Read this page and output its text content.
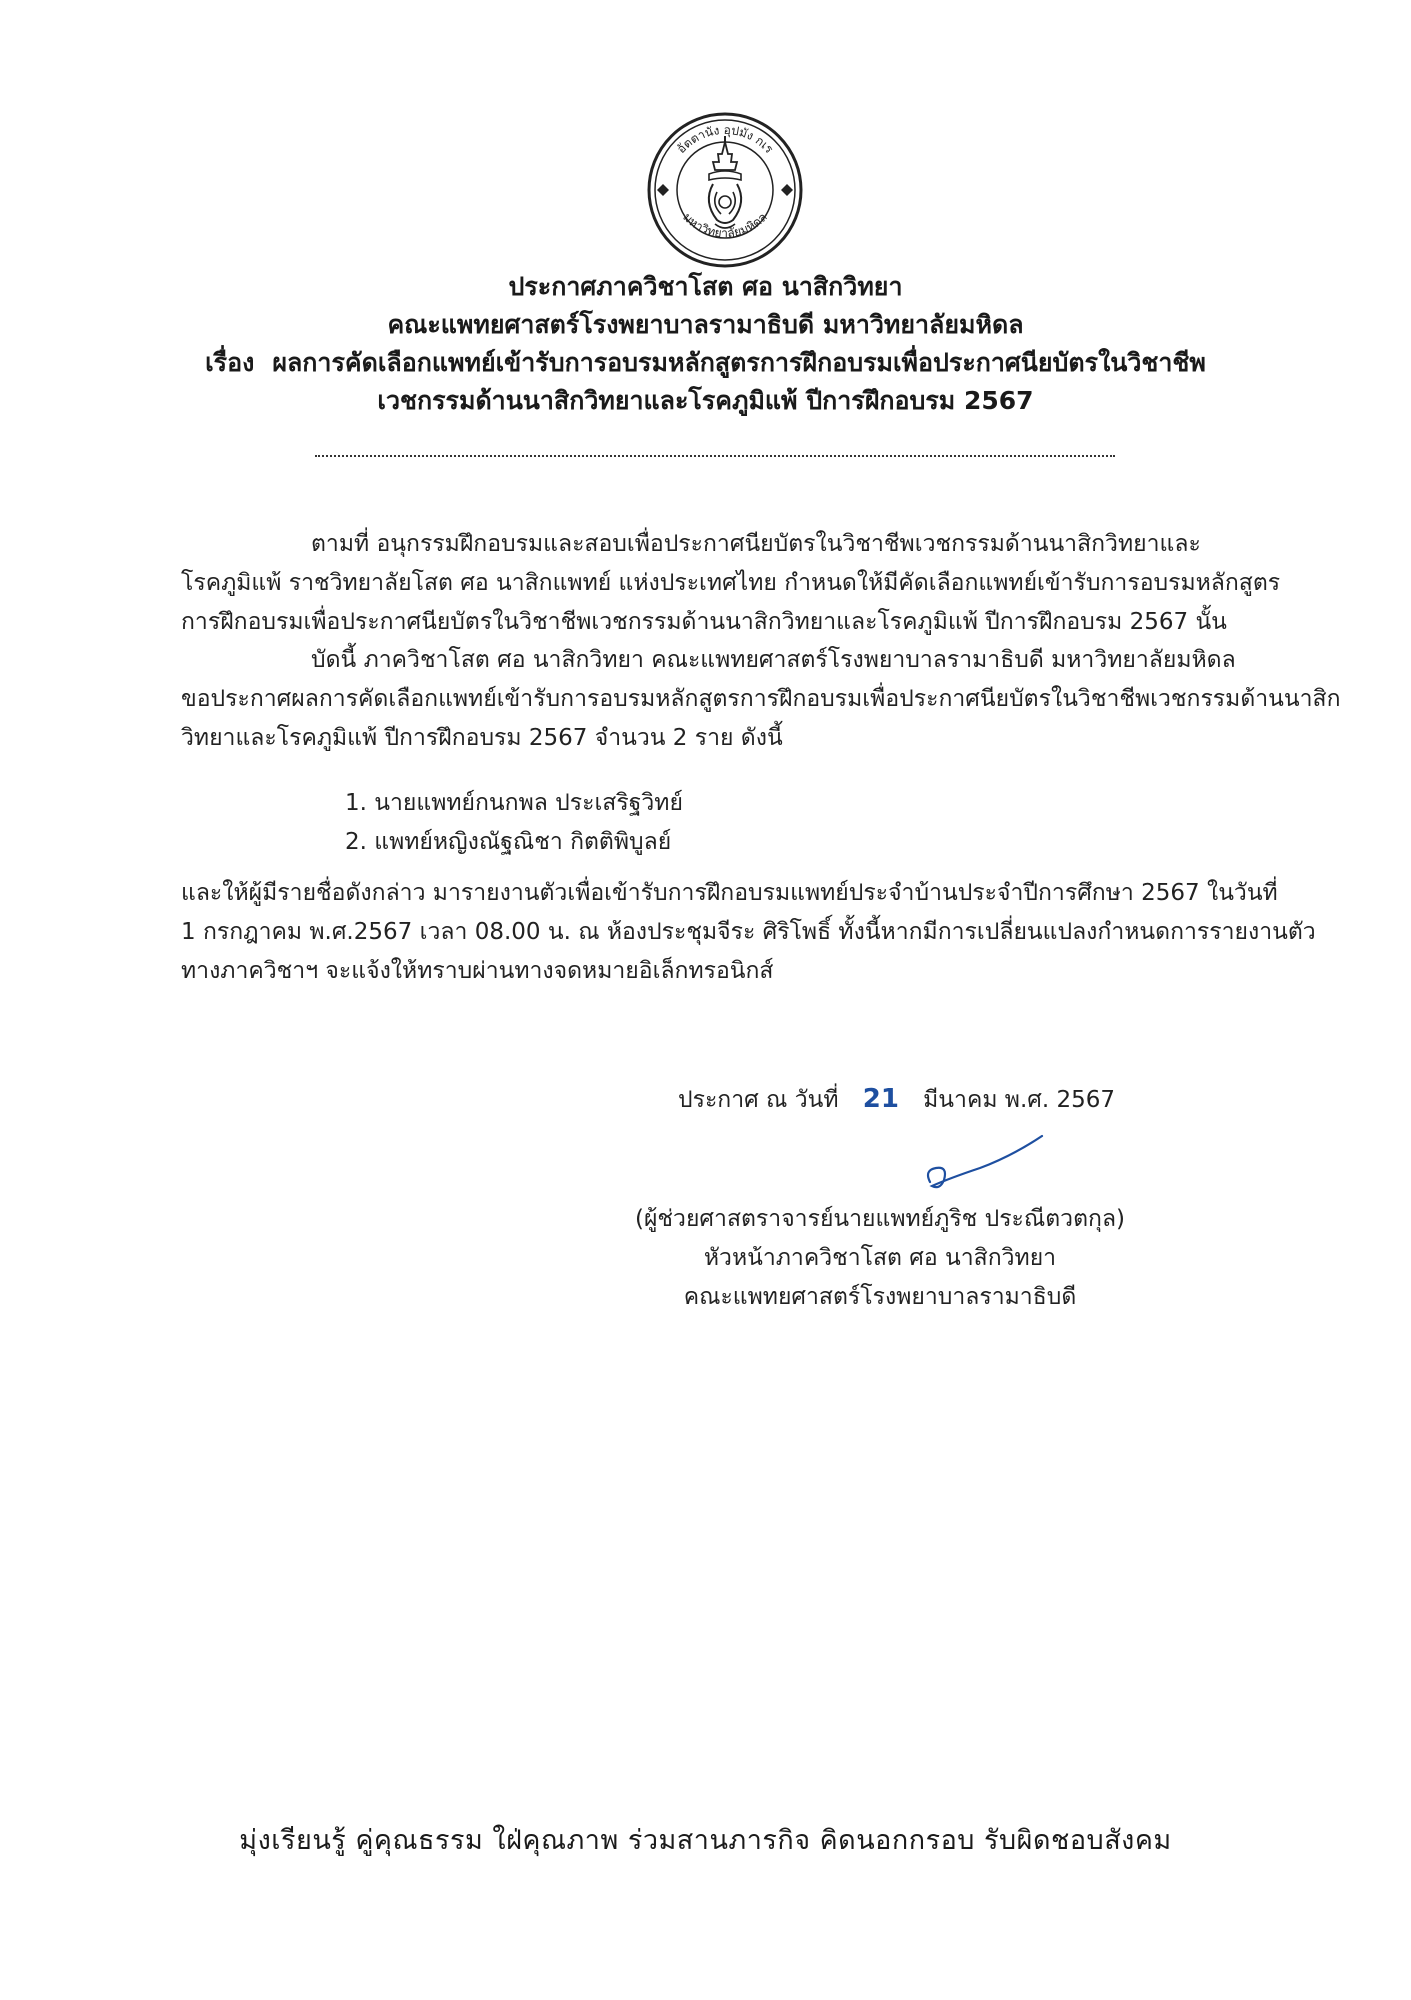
อัตตานัง อุปมัง กเร
มหาวิทยาลัยมหิดล
ประกาศภาควิชาโสต ศอ นาสิกวิทยา
คณะแพทยศาสตร์โรงพยาบาลรามาธิบดี มหาวิทยาลัยมหิดล
เรื่อง ผลการคัดเลือกแพทย์เข้ารับการอบรมหลักสูตรการฝึกอบรมเพื่อประกาศนียบัตรในวิชาชีพ
เวชกรรมด้านนาสิกวิทยาและโรคภูมิแพ้ ปีการฝึกอบรม 2567
ตามที่ อนุกรรมฝึกอบรมและสอบเพื่อประกาศนียบัตรในวิชาชีพเวชกรรมด้านนาสิกวิทยาและ
โรคภูมิแพ้ ราชวิทยาลัยโสต ศอ นาสิกแพทย์ แห่งประเทศไทย กำหนดให้มีคัดเลือกแพทย์เข้ารับการอบรมหลักสูตร
การฝึกอบรมเพื่อประกาศนียบัตรในวิชาชีพเวชกรรมด้านนาสิกวิทยาและโรคภูมิแพ้ ปีการฝึกอบรม 2567 นั้น
บัดนี้ ภาควิชาโสต ศอ นาสิกวิทยา คณะแพทยศาสตร์โรงพยาบาลรามาธิบดี มหาวิทยาลัยมหิดล
ขอประกาศผลการคัดเลือกแพทย์เข้ารับการอบรมหลักสูตรการฝึกอบรมเพื่อประกาศนียบัตรในวิชาชีพเวชกรรมด้านนาสิก
วิทยาและโรคภูมิแพ้ ปีการฝึกอบรม 2567 จำนวน 2 ราย ดังนี้
1. นายแพทย์กนกพล ประเสริฐวิทย์
2. แพทย์หญิงณัฐณิชา กิตติพิบูลย์
และให้ผู้มีรายชื่อดังกล่าว มารายงานตัวเพื่อเข้ารับการฝึกอบรมแพทย์ประจำบ้านประจำปีการศึกษา 2567 ในวันที่
1 กรกฎาคม พ.ศ.2567 เวลา 08.00 น. ณ ห้องประชุมจีระ ศิริโพธิ์ ทั้งนี้หากมีการเปลี่ยนแปลงกำหนดการรายงานตัว
ทางภาควิชาฯ จะแจ้งให้ทราบผ่านทางจดหมายอิเล็กทรอนิกส์
ประกาศ ณ วันที่ 21 มีนาคม พ.ศ. 2567
(ผู้ช่วยศาสตราจารย์นายแพทย์ภูริช ประณีตวตกุล)
หัวหน้าภาควิชาโสต ศอ นาสิกวิทยา
คณะแพทยศาสตร์โรงพยาบาลรามาธิบดี
มุ่งเรียนรู้ คู่คุณธรรม ใฝ่คุณภาพ ร่วมสานภารกิจ คิดนอกกรอบ รับผิดชอบสังคม
